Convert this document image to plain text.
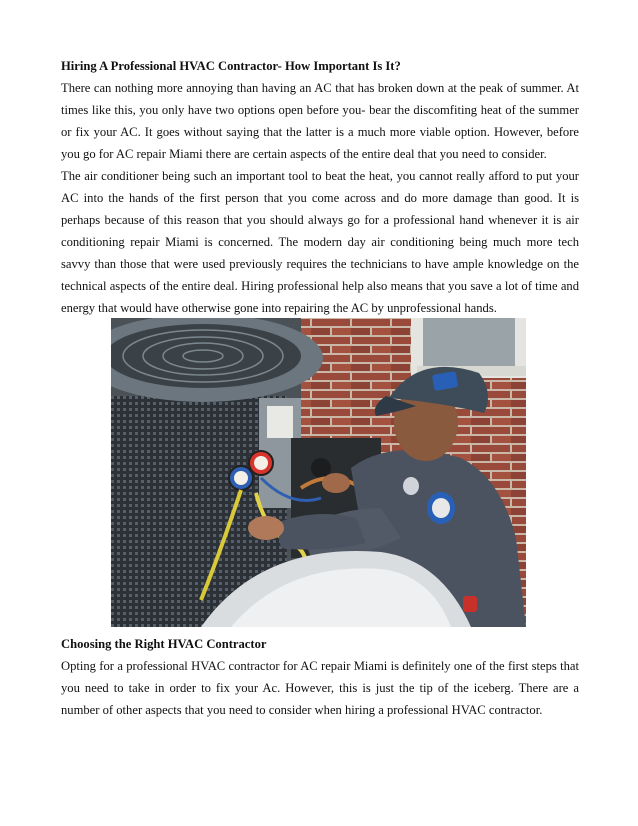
Hiring A Professional HVAC Contractor- How Important Is It?

There can nothing more annoying than having an AC that has broken down at the peak of summer. At times like this, you only have two options open before you- bear the discomfiting heat of the summer or fix your AC. It goes without saying that the latter is a much more viable option. However, before you go for AC repair Miami there are certain aspects of the entire deal that you need to consider.

The air conditioner being such an important tool to beat the heat, you cannot really afford to put your AC into the hands of the first person that you come across and do more damage than good. It is perhaps because of this reason that you should always go for a professional hand whenever it is air conditioning repair Miami is concerned. The modern day air conditioning being much more tech savvy than those that were used previously requires the technicians to have ample knowledge on the technical aspects of the entire deal. Hiring professional help also means that you save a lot of time and energy that would have otherwise gone into repairing the AC by unprofessional hands.

Choosing the Right HVAC Contractor

Opting for a professional HVAC contractor for AC repair Miami is definitely one of the first steps that you need to take in order to fix your Ac. However, this is just the tip of the iceberg. There are a number of other aspects that you need to consider when hiring a professional HVAC contractor.
